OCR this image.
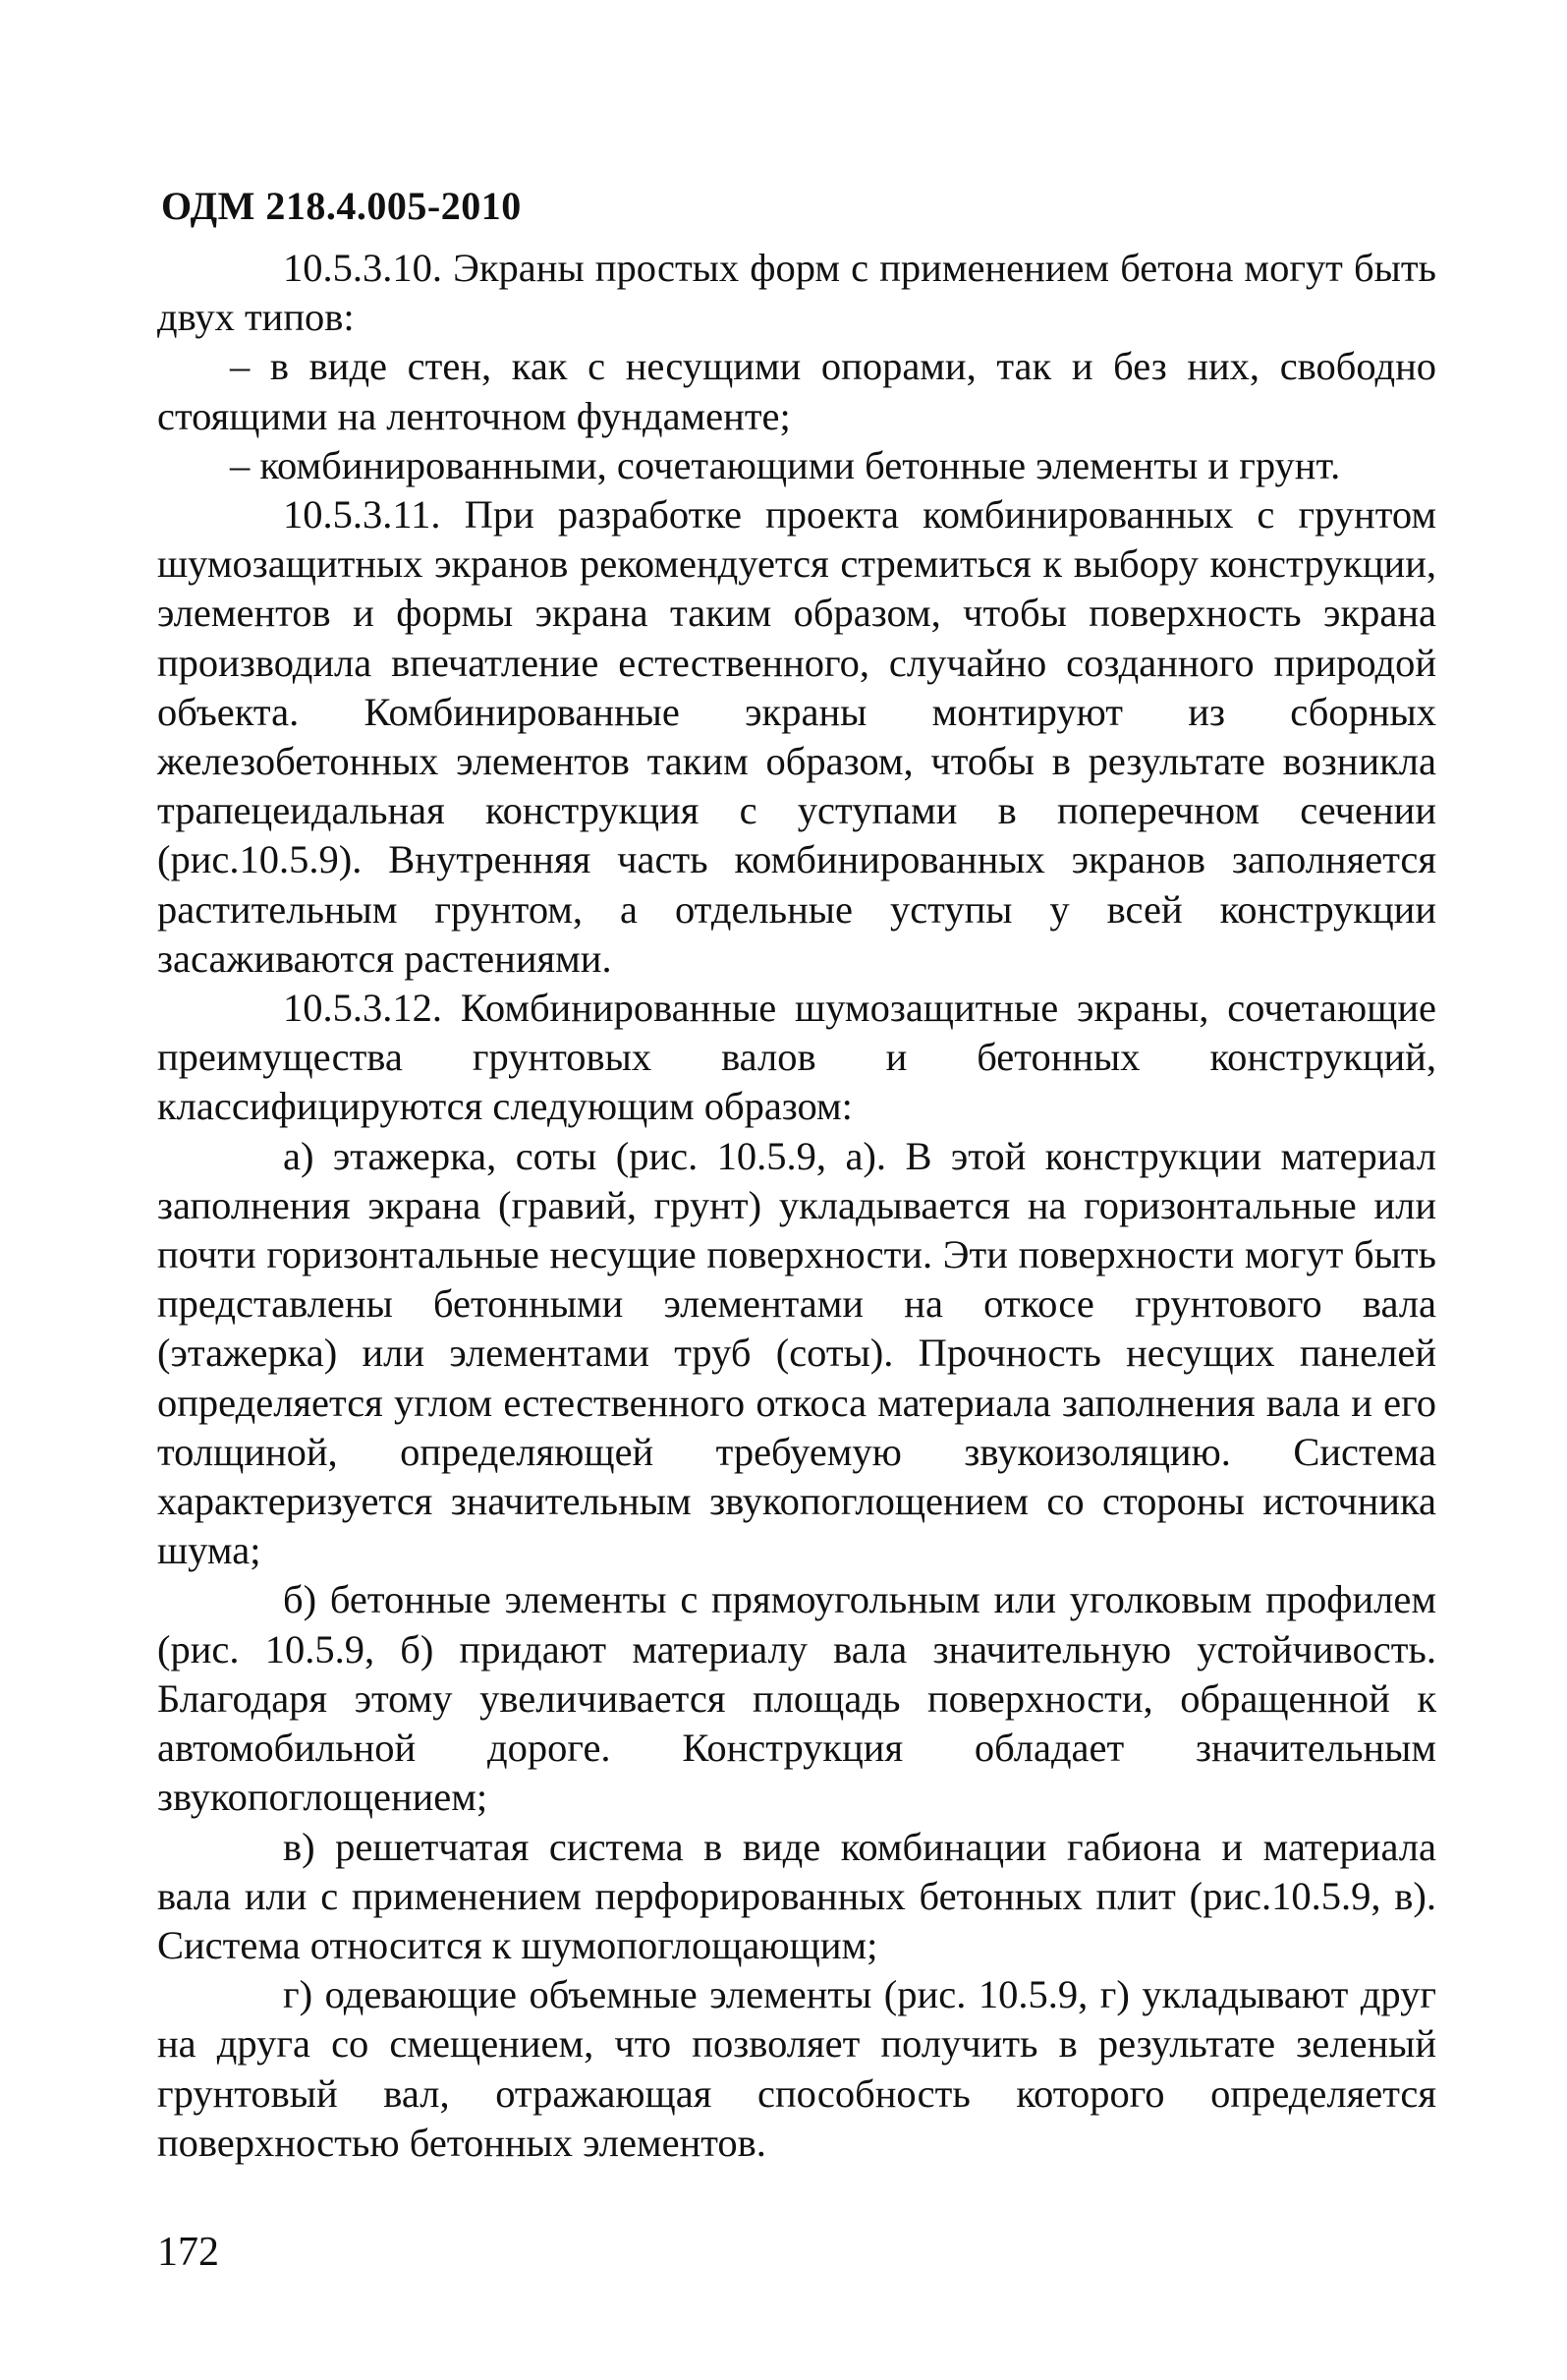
ОДМ 218.4.005-2010

10.5.3.10. Экраны простых форм с применением бетона могут быть двух типов:

– в виде стен, как с несущими опорами, так и без них, свободно стоящими на ленточном фундаменте;

– комбинированными, сочетающими бетонные элементы и грунт.

10.5.3.11. При разработке проекта комбинированных с грунтом шумозащитных экранов рекомендуется стремиться к выбору конструкции, элементов и формы экрана таким образом, чтобы поверхность экрана производила впечатление естественного, случайно созданного природой объекта. Комбинированные экраны монтируют из сборных железобетонных элементов таким образом, чтобы в результате возникла трапецеидальная конструкция с уступами в поперечном сечении (рис.10.5.9). Внутренняя часть комбинированных экранов заполняется растительным грунтом, а отдельные уступы у всей конструкции засаживаются растениями.

10.5.3.12. Комбинированные шумозащитные экраны, сочетающие преимущества грунтовых валов и бетонных конструкций, классифицируются следующим образом:

а) этажерка, соты (рис. 10.5.9, а). В этой конструкции материал заполнения экрана (гравий, грунт) укладывается на горизонтальные или почти горизонтальные несущие поверхности. Эти поверхности могут быть представлены бетонными элементами на откосе грунтового вала (этажерка) или элементами труб (соты). Прочность несущих панелей определяется углом естественного откоса материала заполнения вала и его толщиной, определяющей требуемую звукоизоляцию. Система характеризуется значительным звукопоглощением со стороны источника шума;

б) бетонные элементы с прямоугольным или уголковым профилем (рис. 10.5.9, б) придают материалу вала значительную устойчивость. Благодаря этому увеличивается площадь поверхности, обращенной к автомобильной дороге. Конструкция обладает значительным звукопоглощением;

в) решетчатая система в виде комбинации габиона и материала вала или с применением перфорированных бетонных плит (рис.10.5.9, в). Система относится к шумопоглощающим;

г) одевающие объемные элементы (рис. 10.5.9, г) укладывают друг на друга со смещением, что позволяет получить в результате зеленый грунтовый вал, отражающая способность которого определяется поверхностью бетонных элементов.

172
